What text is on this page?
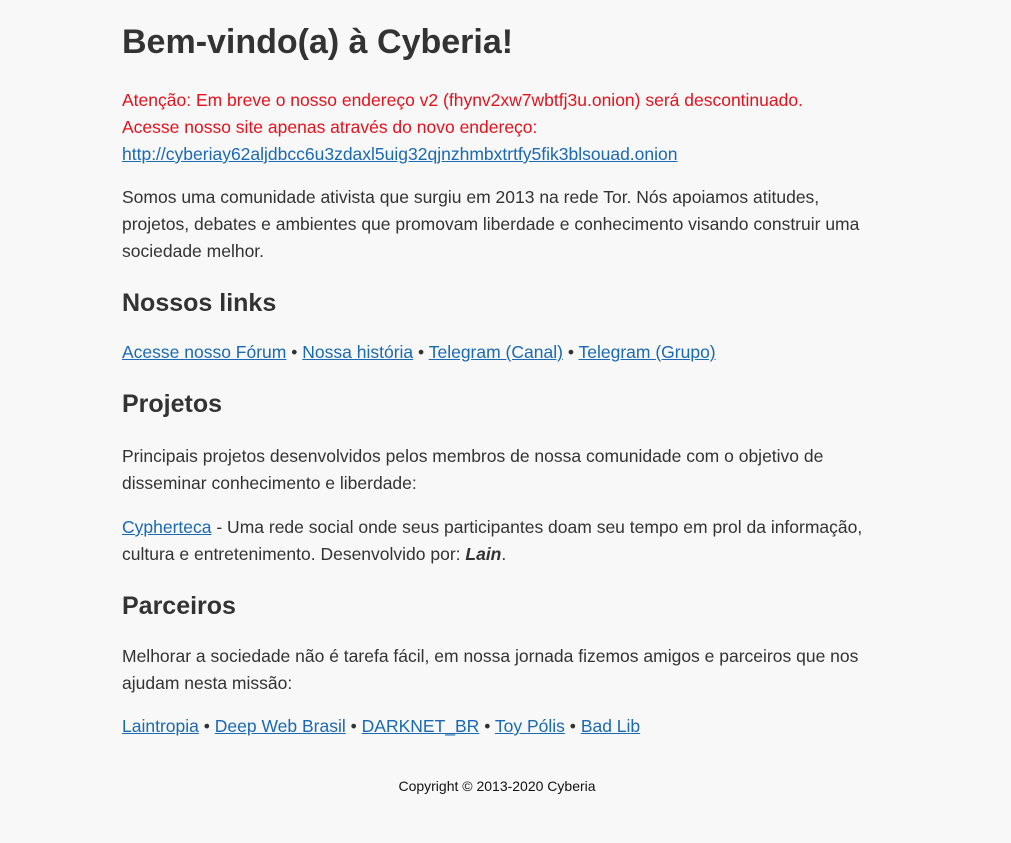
Bem-vindo(a) à Cyberia!

Atenção: Em breve o nosso endereço v2 (fhynv2xw7wbtfj3u.onion) será descontinuado.
Acesse nosso site apenas através do novo endereço:
http://cyberiay62aljdbcc6u3zdaxl5uig32qjnzhmbxtrtfy5fik3blsouad.onion

Somos uma comunidade ativista que surgiu em 2013 na rede Tor. Nós apoiamos atitudes, projetos, debates e ambientes que promovam liberdade e conhecimento visando construir uma sociedade melhor.

Nossos links

Acesse nosso Fórum • Nossa história • Telegram (Canal) • Telegram (Grupo)

Projetos

Principais projetos desenvolvidos pelos membros de nossa comunidade com o objetivo de disseminar conhecimento e liberdade:

Cypherteca - Uma rede social onde seus participantes doam seu tempo em prol da informação, cultura e entretenimento. Desenvolvido por: Lain.

Parceiros

Melhorar a sociedade não é tarefa fácil, em nossa jornada fizemos amigos e parceiros que nos ajudam nesta missão:

Laintropia • Deep Web Brasil • DARKNET_BR • Toy Pólis • Bad Lib

Copyright © 2013-2020 Cyberia
